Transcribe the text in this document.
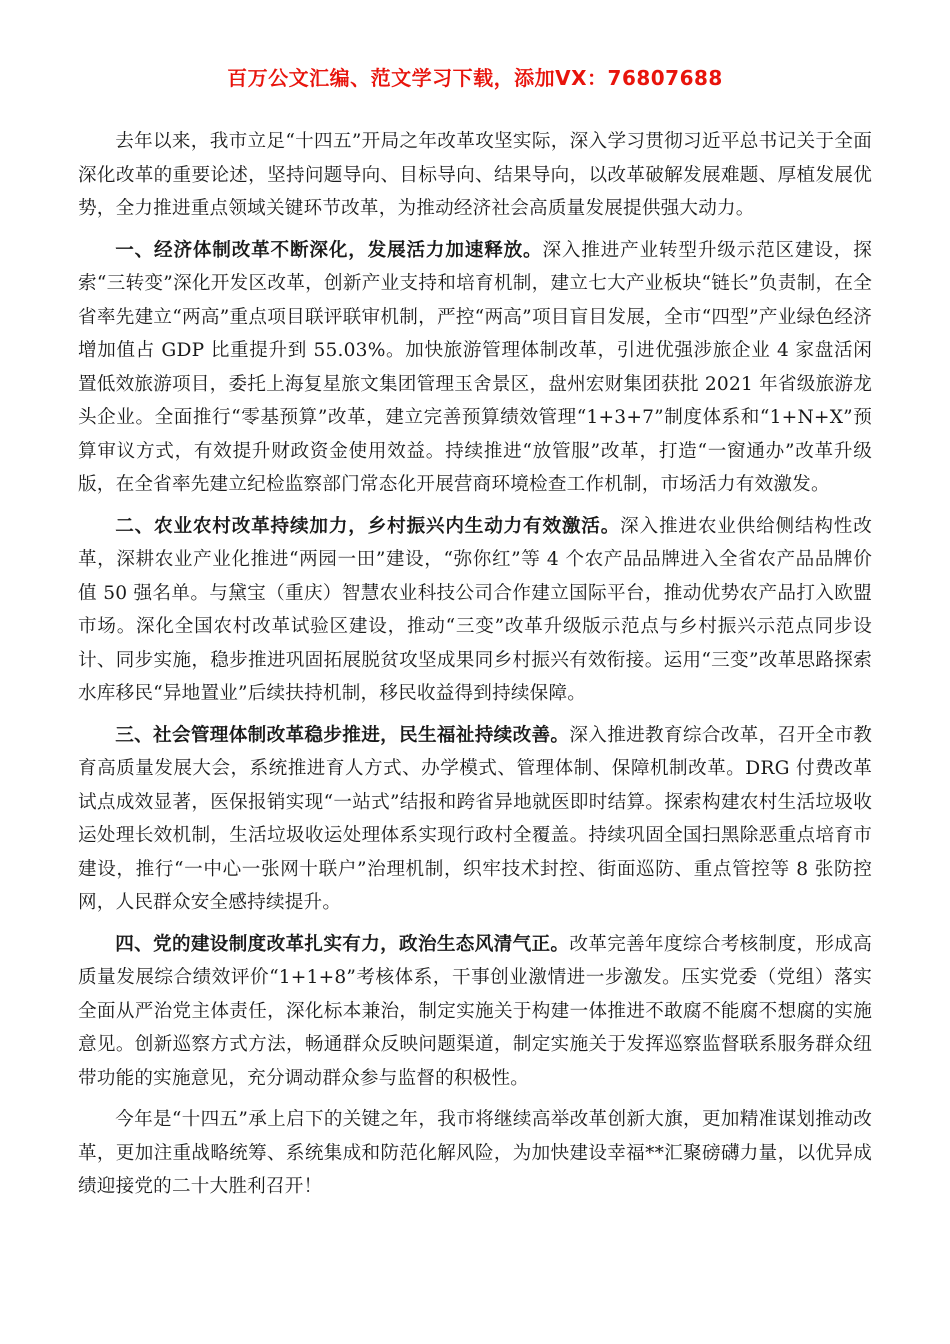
百万公文汇编、范文学习下载，添加VX：76807688

去年以来，我市立足“十四五”开局之年改革攻坚实际，深入学习贯彻习近平总书记关于全面深化改革的重要论述，坚持问题导向、目标导向、结果导向，以改革破解发展难题、厚植发展优势，全力推进重点领域关键环节改革，为推动经济社会高质量发展提供强大动力。

一、经济体制改革不断深化，发展活力加速释放。深入推进产业转型升级示范区建设，探索“三转变”深化开发区改革，创新产业支持和培育机制，建立七大产业板块“链长”负责制，在全省率先建立“两高”重点项目联评联审机制，严控“两高”项目盲目发展，全市“四型”产业绿色经济增加值占 GDP 比重提升到 55.03%。加快旅游管理体制改革，引进优强涉旅企业 4 家盘活闲置低效旅游项目，委托上海复星旅文集团管理玉舍景区，盘州宏财集团获批 2021 年省级旅游龙头企业。全面推行“零基预算”改革，建立完善预算绩效管理“1+3+7”制度体系和“1+N+X”预算审议方式，有效提升财政资金使用效益。持续推进“放管服”改革，打造“一窗通办”改革升级版，在全省率先建立纪检监察部门常态化开展营商环境检查工作机制，市场活力有效激发。

二、农业农村改革持续加力，乡村振兴内生动力有效激活。深入推进农业供给侧结构性改革，深耕农业产业化推进“两园一田”建设，“弥你红”等 4 个农产品品牌进入全省农产品品牌价值 50 强名单。与黛宝（重庆）智慧农业科技公司合作建立国际平台，推动优势农产品打入欧盟市场。深化全国农村改革试验区建设，推动“三变”改革升级版示范点与乡村振兴示范点同步设计、同步实施，稳步推进巩固拓展脱贫攻坚成果同乡村振兴有效衔接。运用“三变”改革思路探索水库移民“异地置业”后续扶持机制，移民收益得到持续保障。

三、社会管理体制改革稳步推进，民生福祉持续改善。深入推进教育综合改革，召开全市教育高质量发展大会，系统推进育人方式、办学模式、管理体制、保障机制改革。DRG 付费改革试点成效显著，医保报销实现“一站式”结报和跨省异地就医即时结算。探索构建农村生活垃圾收运处理长效机制，生活垃圾收运处理体系实现行政村全覆盖。持续巩固全国扫黑除恶重点培育市建设，推行“一中心一张网十联户”治理机制，织牢技术封控、街面巡防、重点管控等 8 张防控网，人民群众安全感持续提升。

四、党的建设制度改革扎实有力，政治生态风清气正。改革完善年度综合考核制度，形成高质量发展综合绩效评价“1+1+8”考核体系，干事创业激情进一步激发。压实党委（党组）落实全面从严治党主体责任，深化标本兼治，制定实施关于构建一体推进不敢腐不能腐不想腐的实施意见。创新巡察方式方法，畅通群众反映问题渠道，制定实施关于发挥巡察监督联系服务群众纽带功能的实施意见，充分调动群众参与监督的积极性。

今年是“十四五”承上启下的关键之年，我市将继续高举改革创新大旗，更加精准谋划推动改革，更加注重战略统筹、系统集成和防范化解风险，为加快建设幸福**汇聚磅礴力量，以优异成绩迎接党的二十大胜利召开！
